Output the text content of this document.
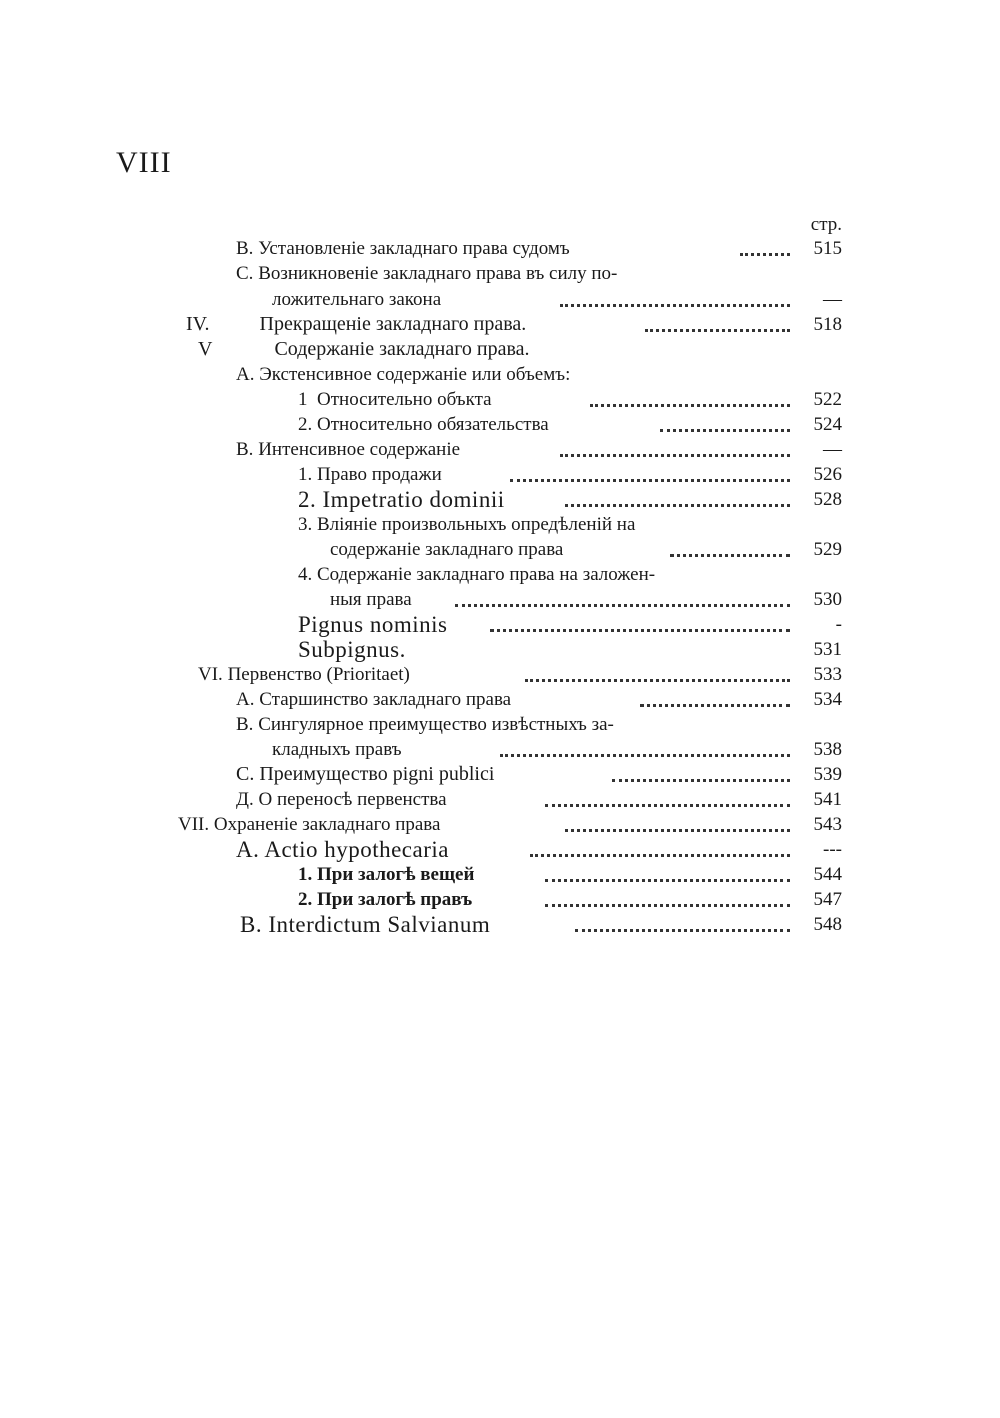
VIII
стр.
B. Установленіе закладнаго права судомъ	515
C. Возникновеніе закладнаго права въ силу по-
ложительнаго закона	—
IV.	Прекращеніе закладнаго права.	518
V	Содержаніе закладнаго права.
A. Экстенсивное содержаніе или объемъ:
1 Относительно объкта	522
2. Относительно обязательства	524
B. Интенсивное содержаніе	—
1. Право продажи	526
2. Impetratio dominii	528
3. Вліяніе произвольныхъ опредѣленій на
содержаніе закладнаго права	529
4. Содержаніе закладнаго права на заложен-
ныя права	530
Pignus nominis	-
Subpignus.	531
VI. Первенство (Prioritaet)	533
A. Старшинство закладнаго права	534
B. Сингулярное преимущество извѣстныхъ за-
кладныхъ правъ	538
C. Преимущество pigni publici	539
Д. О переносѣ первенства	541
VII. Охраненіе закладнаго права	543
A. Actio hypothecaria	---
1. При залогѣ вещей	544
2. При залогѣ правъ	547
B. Interdictum Salvianum	548
